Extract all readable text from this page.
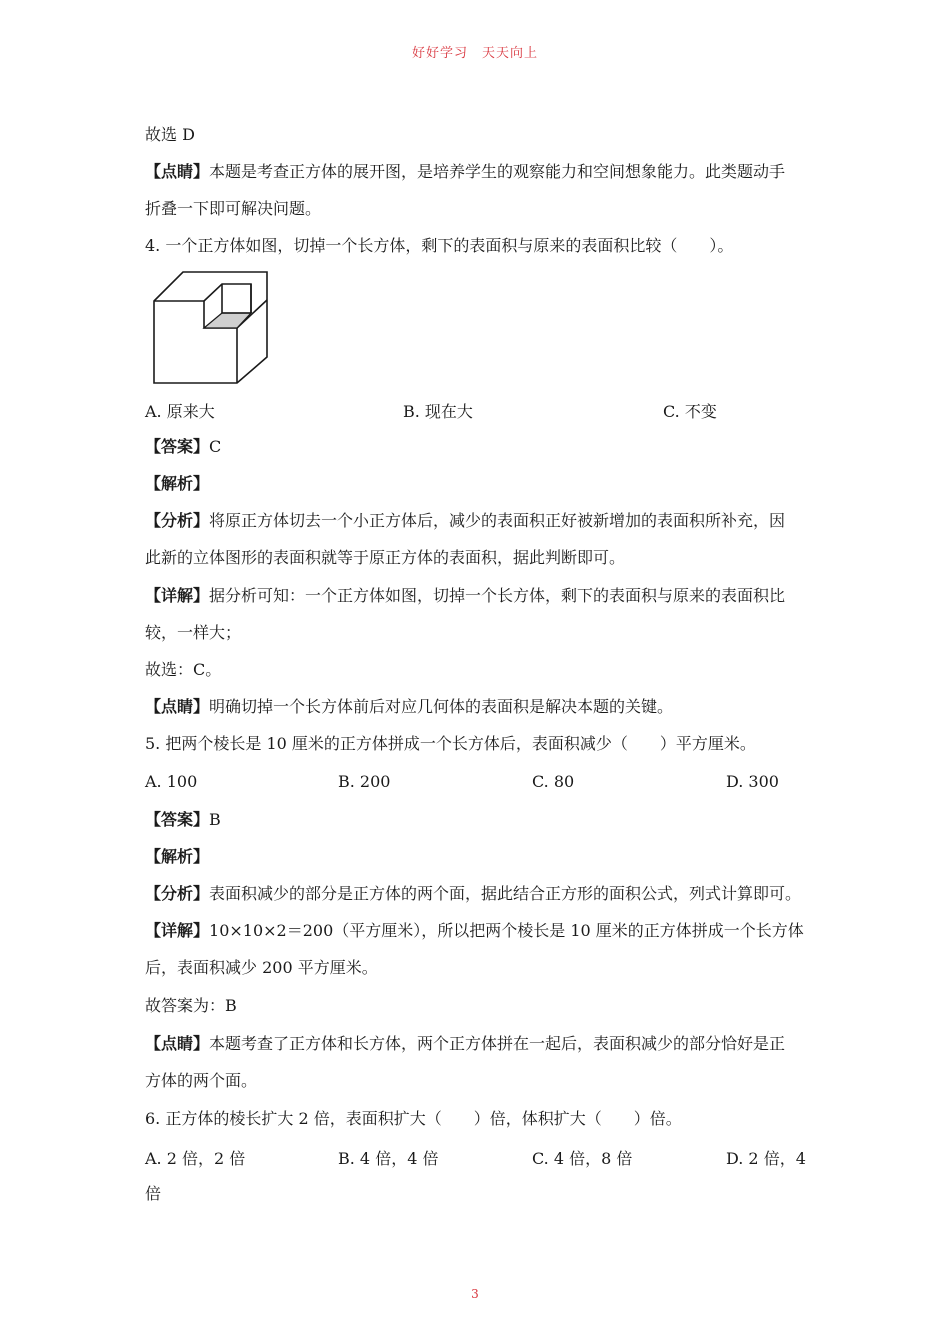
好好学习　天天向上
故选 D
【点睛】本题是考查正方体的展开图，是培养学生的观察能力和空间想象能力。此类题动手
折叠一下即可解决问题。
4. 一个正方体如图，切掉一个长方体，剩下的表面积与原来的表面积比较（　　）。
A. 原来大	B. 现在大	C. 不变
【答案】C
【解析】
【分析】将原正方体切去一个小正方体后，减少的表面积正好被新增加的表面积所补充，因
此新的立体图形的表面积就等于原正方体的表面积，据此判断即可。
【详解】据分析可知：一个正方体如图，切掉一个长方体，剩下的表面积与原来的表面积比
较，一样大；
故选：C。
【点睛】明确切掉一个长方体前后对应几何体的表面积是解决本题的关键。
5. 把两个棱长是 10 厘米的正方体拼成一个长方体后，表面积减少（　　）平方厘米。
A. 100	B. 200	C. 80	D. 300
【答案】B
【解析】
【分析】表面积减少的部分是正方体的两个面，据此结合正方形的面积公式，列式计算即可。
【详解】10×10×2＝200（平方厘米），所以把两个棱长是 10 厘米的正方体拼成一个长方体
后，表面积减少 200 平方厘米。
故答案为：B
【点睛】本题考查了正方体和长方体，两个正方体拼在一起后，表面积减少的部分恰好是正
方体的两个面。
6. 正方体的棱长扩大 2 倍，表面积扩大（　　）倍，体积扩大（　　）倍。
A. 2 倍，2 倍	B. 4 倍，4 倍	C. 4 倍，8 倍	D. 2 倍，4
倍
3
